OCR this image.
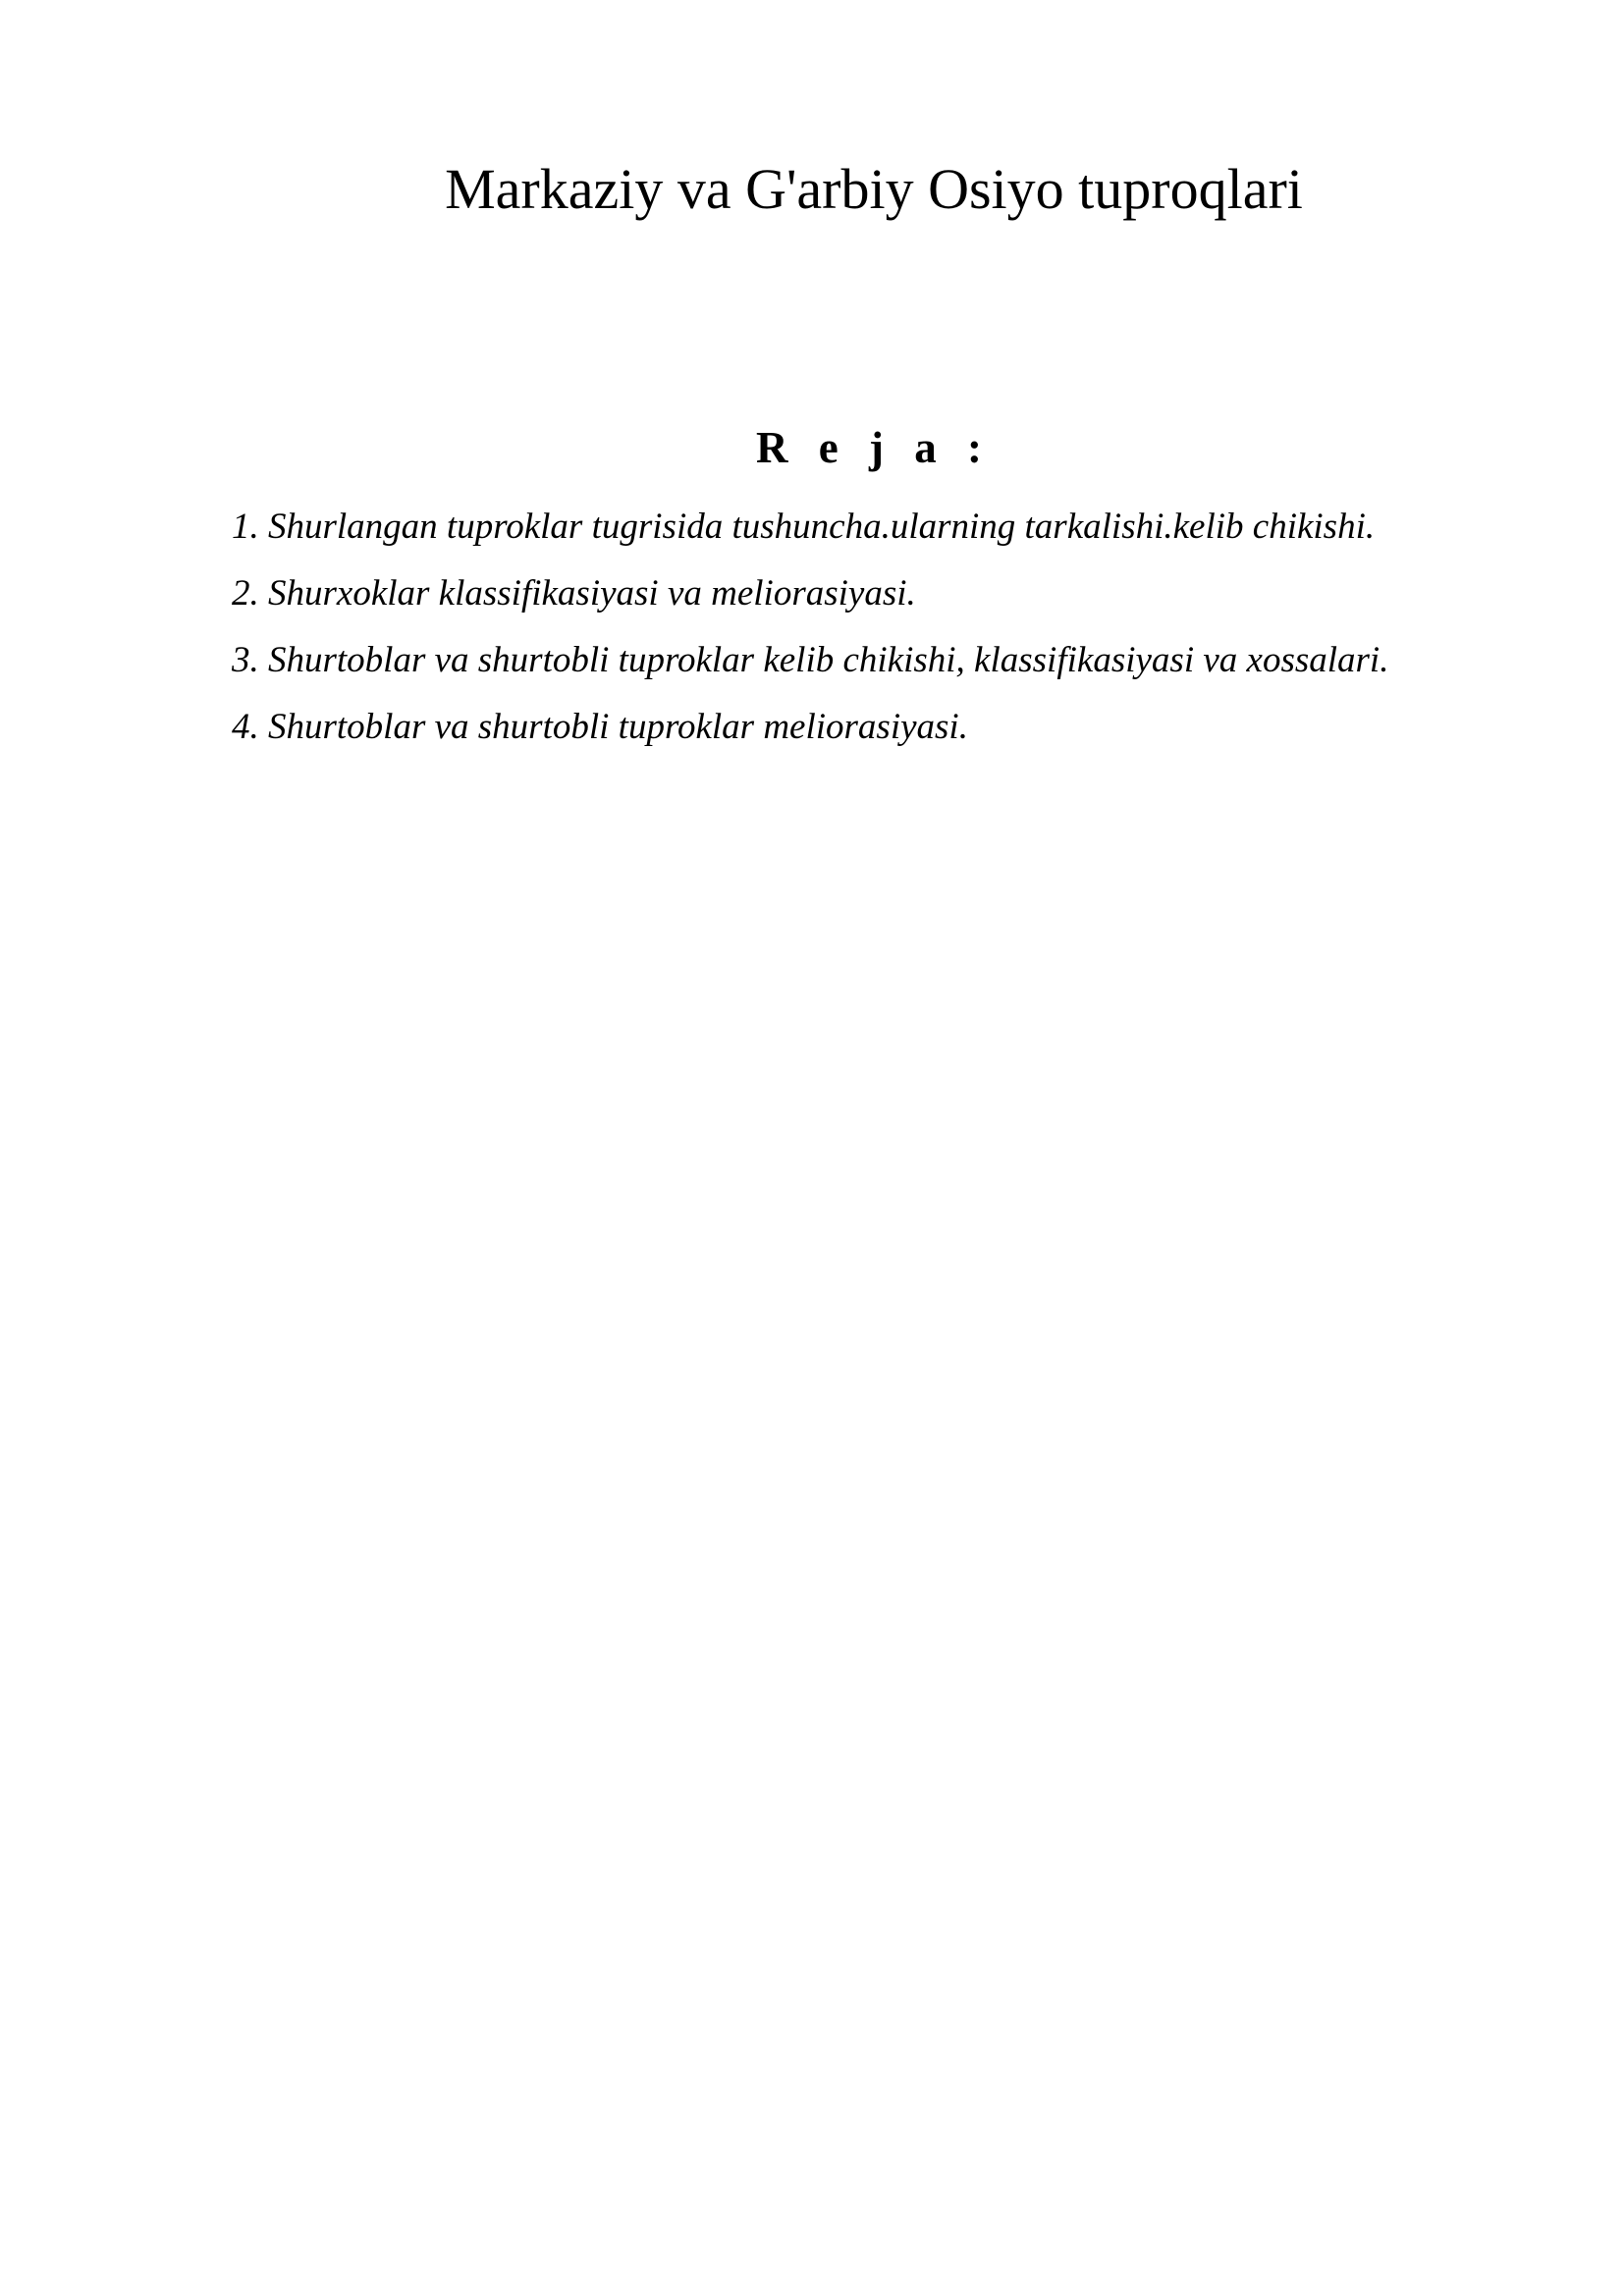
Markaziy va G'arbiy Osiyo tuproqlari
R e j a :
1. Shurlangan tuproklar tugrisida tushuncha.ularning tarkalishi.kelib chikishi.
2. Shurxoklar klassifikasiyasi va meliorasiyasi.
3. Shurtoblar va shurtobli tuproklar kelib chikishi, klassifikasiyasi va xossalari.
4. Shurtoblar va shurtobli tuproklar meliorasiyasi.
